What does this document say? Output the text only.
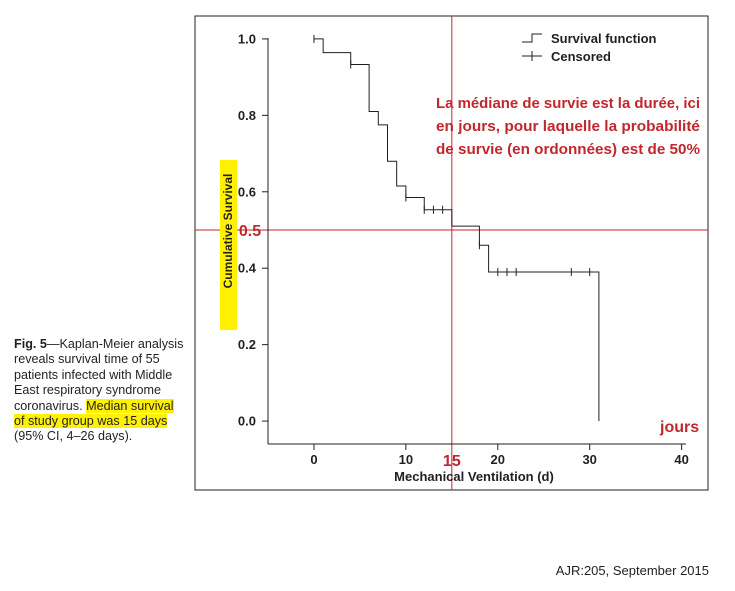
0.0
0.2
0.4
0.6
0.8
1.0
0	10	20	30	40
Mechanical Ventilation (d)
Cumulative Survival 0.5
15
Survival function
Censored
La médiane de survie est la durée, ici
en jours, pour laquelle la probabilité
de survie (en ordonnées) est de 50%
jours
Fig. 5—Kaplan-Meier analysis reveals survival time of 55 patients infected with Middle East respiratory syndrome coronavirus. Median survival of study group was 15 days (95% CI, 4–26 days).
AJR:205, September 2015
